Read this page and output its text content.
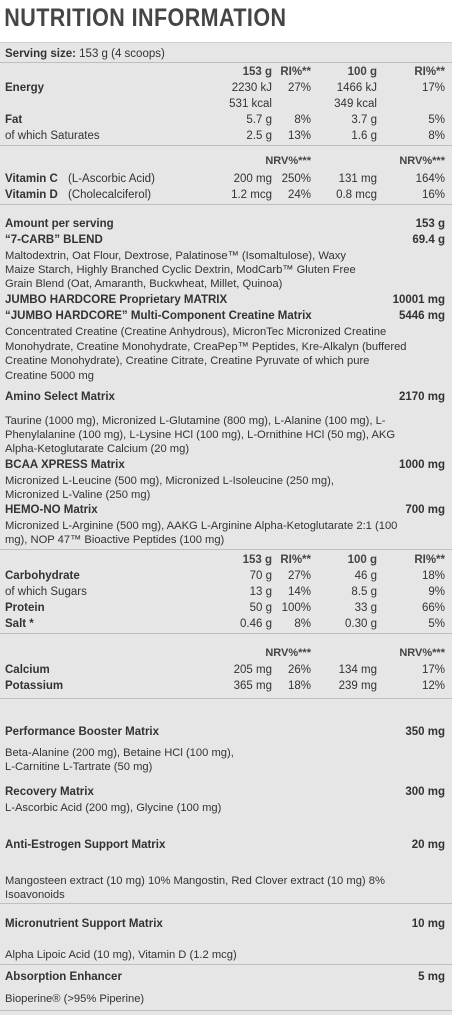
NUTRITION INFORMATION
Serving size: 153 g (4 scoops)
153 g RI%**	100 g	RI%**
Energy	2230 kJ 27% 1466 kJ	17%
531 kcal	349 kcal
Fat	5.7 g 8%	3.7 g	5%
of which Saturates	2.5 g 13%	1.6 g	8%
NRV%***	NRV%***
Vitamin C (L-Ascorbic Acid)	200 mg 250% 131 mg	164%
Vitamin D (Cholecalciferol)	1.2 mcg 24% 0.8 mcg	16%
Amount per serving	153 g
“7-CARB” BLEND	69.4 g
Maltodextrin, Oat Flour, Dextrose, Palatinose™ (Isomaltulose), Waxy
Maize Starch, Highly Branched Cyclic Dextrin, ModCarb™ Gluten Free
Grain Blend (Oat, Amaranth, Buckwheat, Millet, Quinoa)
JUMBO HARDCORE Proprietary MATRIX	10001 mg
“JUMBO HARDCORE” Multi-Component Creatine Matrix	5446 mg
Concentrated Creatine (Creatine Anhydrous), MicronTec Micronized Creatine
Monohydrate, Creatine Monohydrate, CreaPep™ Peptides, Kre-Alkalyn (buffered
Creatine Monohydrate), Creatine Citrate, Creatine Pyruvate of which pure
Creatine 5000 mg
Amino Select Matrix	2170 mg
Taurine (1000 mg), Micronized L-Glutamine (800 mg), L-Alanine (100 mg), L-
Phenylalanine (100 mg), L-Lysine HCl (100 mg), L-Ornithine HCl (50 mg), AKG
Alpha-Ketoglutarate Calcium (20 mg)
BCAA XPRESS Matrix	1000 mg
Micronized L-Leucine (500 mg), Micronized L-Isoleucine (250 mg),
Micronized L-Valine (250 mg)
HEMO-NO Matrix	700 mg
Micronized L-Arginine (500 mg), AAKG L-Arginine Alpha-Ketoglutarate 2:1 (100
mg), NOP 47™ Bioactive Peptides (100 mg)
153 g RI%**	100 g	RI%**
Carbohydrate	70 g 27%	46 g	18%
of which Sugars	13 g 14%	8.5 g	9%
Protein	50 g 100%	33 g	66%
Salt *	0.46 g 8%	0.30 g	5%
NRV%***	NRV%***
Calcium	205 mg 26% 134 mg	17%
Potassium	365 mg 18% 239 mg	12%
Performance Booster Matrix	350 mg
Beta-Alanine (200 mg), Betaine HCl (100 mg),
L-Carnitine L-Tartrate (50 mg)
Recovery Matrix	300 mg
L-Ascorbic Acid (200 mg), Glycine (100 mg)
Anti-Estrogen Support Matrix	20 mg
Mangosteen extract (10 mg) 10% Mangostin, Red Clover extract (10 mg) 8%
Isoavonoids
Micronutrient Support Matrix	10 mg
Alpha Lipoic Acid (10 mg), Vitamin D (1.2 mcg)
Absorption Enhancer	5 mg
Bioperine® (>95% Piperine)
